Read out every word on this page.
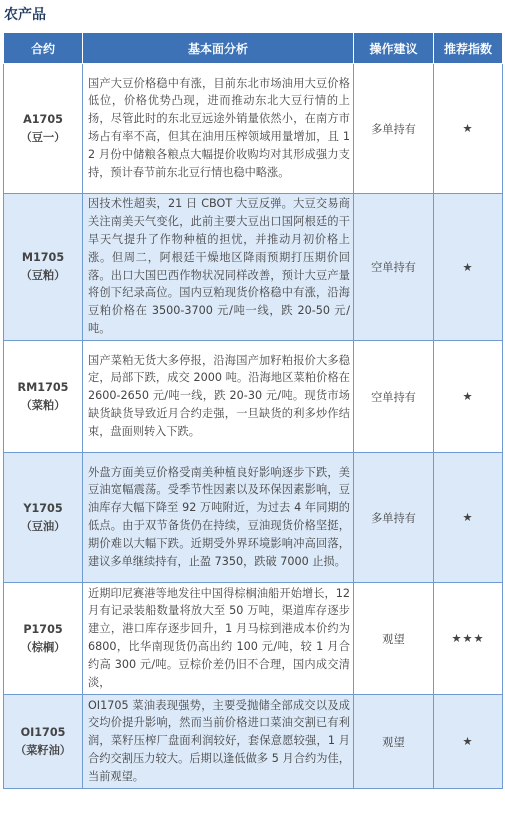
农产品
合约	基本面分析	操作建议	推荐指数

A1705
（豆一）	国产大豆价格稳中有涨，目前东北市场油用大豆价格低位，价格优势凸现，进而推动东北大豆行情的上扬，尽管此时的东北豆远途外销量依然小，在南方市场占有率不高，但其在油用压榨领域用量增加，且 12 月份中储粮各粮点大幅提价收购均对其形成强力支持，预计春节前东北豆行情也稳中略涨。	多单持有	★

M1705
（豆粕）	因技术性超卖，21 日 CBOT 大豆反弹。大豆交易商关注南美天气变化，此前主要大豆出口国阿根廷的干旱天气提升了作物种植的担忧，并推动月初价格上涨。但周二，阿根廷干燥地区降雨预期打压期价回落。出口大国巴西作物状况同样改善，预计大豆产量将创下纪录高位。国内豆粕现货价格稳中有涨，沿海豆粕价格在 3500-3700 元/吨一线，跌 20-50 元/吨。	空单持有	★

RM1705
（菜粕）	国产菜粕无货大多停报，沿海国产加籽粕报价大多稳定，局部下跌，成交 2000 吨。沿海地区菜粕价格在 2600-2650 元/吨一线，跌 20-30 元/吨。现货市场缺货缺货导致近月合约走强，一旦缺货的利多炒作结束，盘面则转入下跌。	空单持有	★

Y1705
（豆油）	外盘方面美豆价格受南美种植良好影响逐步下跌，美豆油宽幅震荡。受季节性因素以及环保因素影响，豆油库存大幅下降至 92 万吨附近，为过去 4 年同期的低点。由于双节备货仍在持续，豆油现货价格坚挺，期价难以大幅下跌。近期受外界环境影响冲高回落，建议多单继续持有，止盈 7350，跌破 7000 止损。	多单持有	★

P1705
（棕榈）	近期印尼赛港等地发往中国得棕榈油船开始增长，12 月有记录装船数量将放大至 50 万吨，渠道库存逐步建立，港口库存逐步回升，1 月马棕到港成本价约为 6800，比华南现货仍高出约 100 元/吨，较 1 月合约高 300 元/吨。豆棕价差仍旧不合理，国内成交清淡，	观望	★★★

OI1705
（菜籽油）	OI1705 菜油表现强势，主要受抛储全部成交以及成交均价提升影响，然而当前价格进口菜油交割已有利润，菜籽压榨厂盘面利润较好，套保意愿较强，1 月合约交割压力较大。后期以逢低做多 5 月合约为佳，当前观望。	观望	★
